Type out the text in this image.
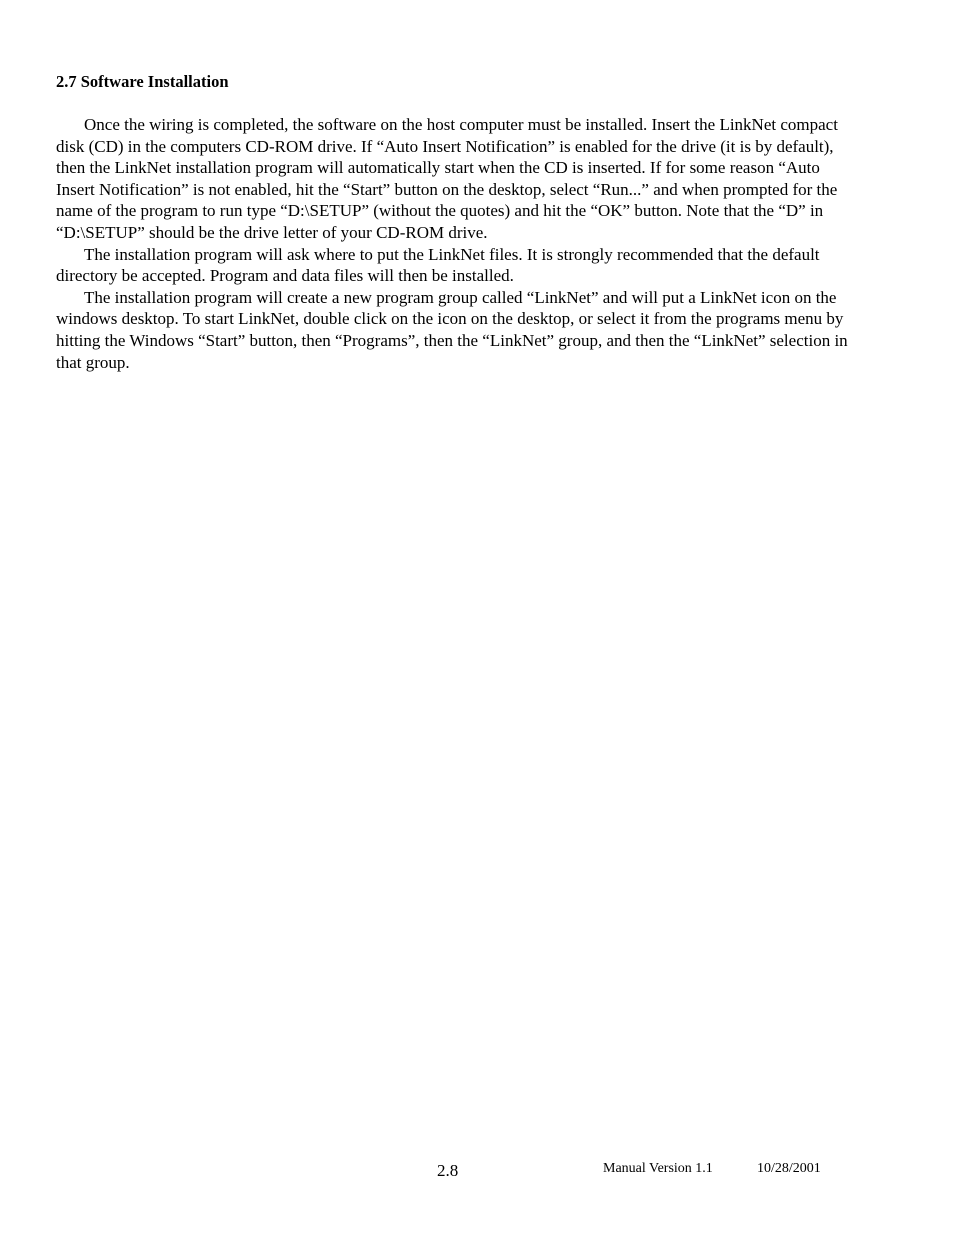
2.7 Software Installation

Once the wiring is completed, the software on the host computer must be installed. Insert the LinkNet compact disk (CD) in the computers CD-ROM drive. If “Auto Insert Notification” is enabled for the drive (it is by default), then the LinkNet installation program will automatically start when the CD is inserted. If for some reason “Auto Insert Notification” is not enabled, hit the “Start” button on the desktop, select “Run...” and when prompted for the name of the program to run type “D:\SETUP” (without the quotes) and hit the “OK” button. Note that the “D” in “D:\SETUP” should be the drive letter of your CD-ROM drive.

The installation program will ask where to put the LinkNet files. It is strongly recommended that the default directory be accepted. Program and data files will then be installed.

The installation program will create a new program group called “LinkNet” and will put a LinkNet icon on the windows desktop. To start LinkNet, double click on the icon on the desktop, or select it from the programs menu by hitting the Windows “Start” button, then “Programs”, then the “LinkNet” group, and then the “LinkNet” selection in that group.

2.8	Manual Version 1.1	10/28/2001
